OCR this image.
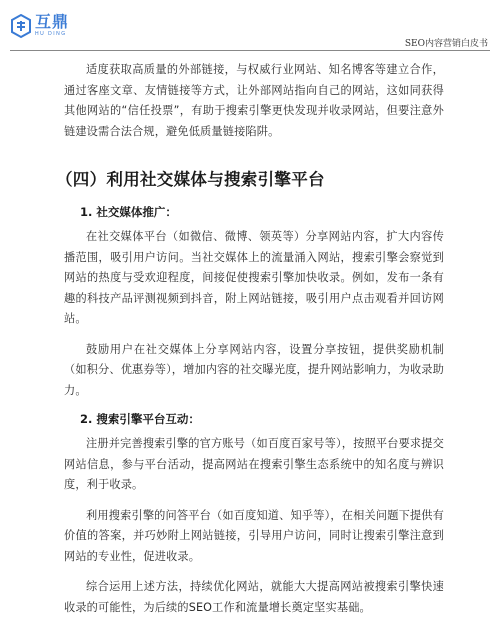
互鼎
HU DING
SEO内容营销白皮书

适度获取高质量的外部链接，与权威行业网站、知名博客等建立合作，通过客座文章、友情链接等方式，让外部网站指向自己的网站，这如同获得其他网站的“信任投票”，有助于搜索引擎更快发现并收录网站，但要注意外链建设需合法合规，避免低质量链接陷阱。

（四）利用社交媒体与搜索引擎平台
1. 社交媒体推广：

在社交媒体平台（如微信、微博、领英等）分享网站内容，扩大内容传播范围，吸引用户访问。当社交媒体上的流量涌入网站，搜索引擎会察觉到网站的热度与受欢迎程度，间接促使搜索引擎加快收录。例如，发布一条有趣的科技产品评测视频到抖音，附上网站链接，吸引用户点击观看并回访网站。

鼓励用户在社交媒体上分享网站内容，设置分享按钮，提供奖励机制（如积分、优惠券等），增加内容的社交曝光度，提升网站影响力，为收录助力。

2. 搜索引擎平台互动：

注册并完善搜索引擎的官方账号（如百度百家号等），按照平台要求提交网站信息，参与平台活动，提高网站在搜索引擎生态系统中的知名度与辨识度，利于收录。

利用搜索引擎的问答平台（如百度知道、知乎等），在相关问题下提供有价值的答案，并巧妙附上网站链接，引导用户访问，同时让搜索引擎注意到网站的专业性，促进收录。

综合运用上述方法，持续优化网站，就能大大提高网站被搜索引擎快速收录的可能性，为后续的SEO工作和流量增长奠定坚实基础。
